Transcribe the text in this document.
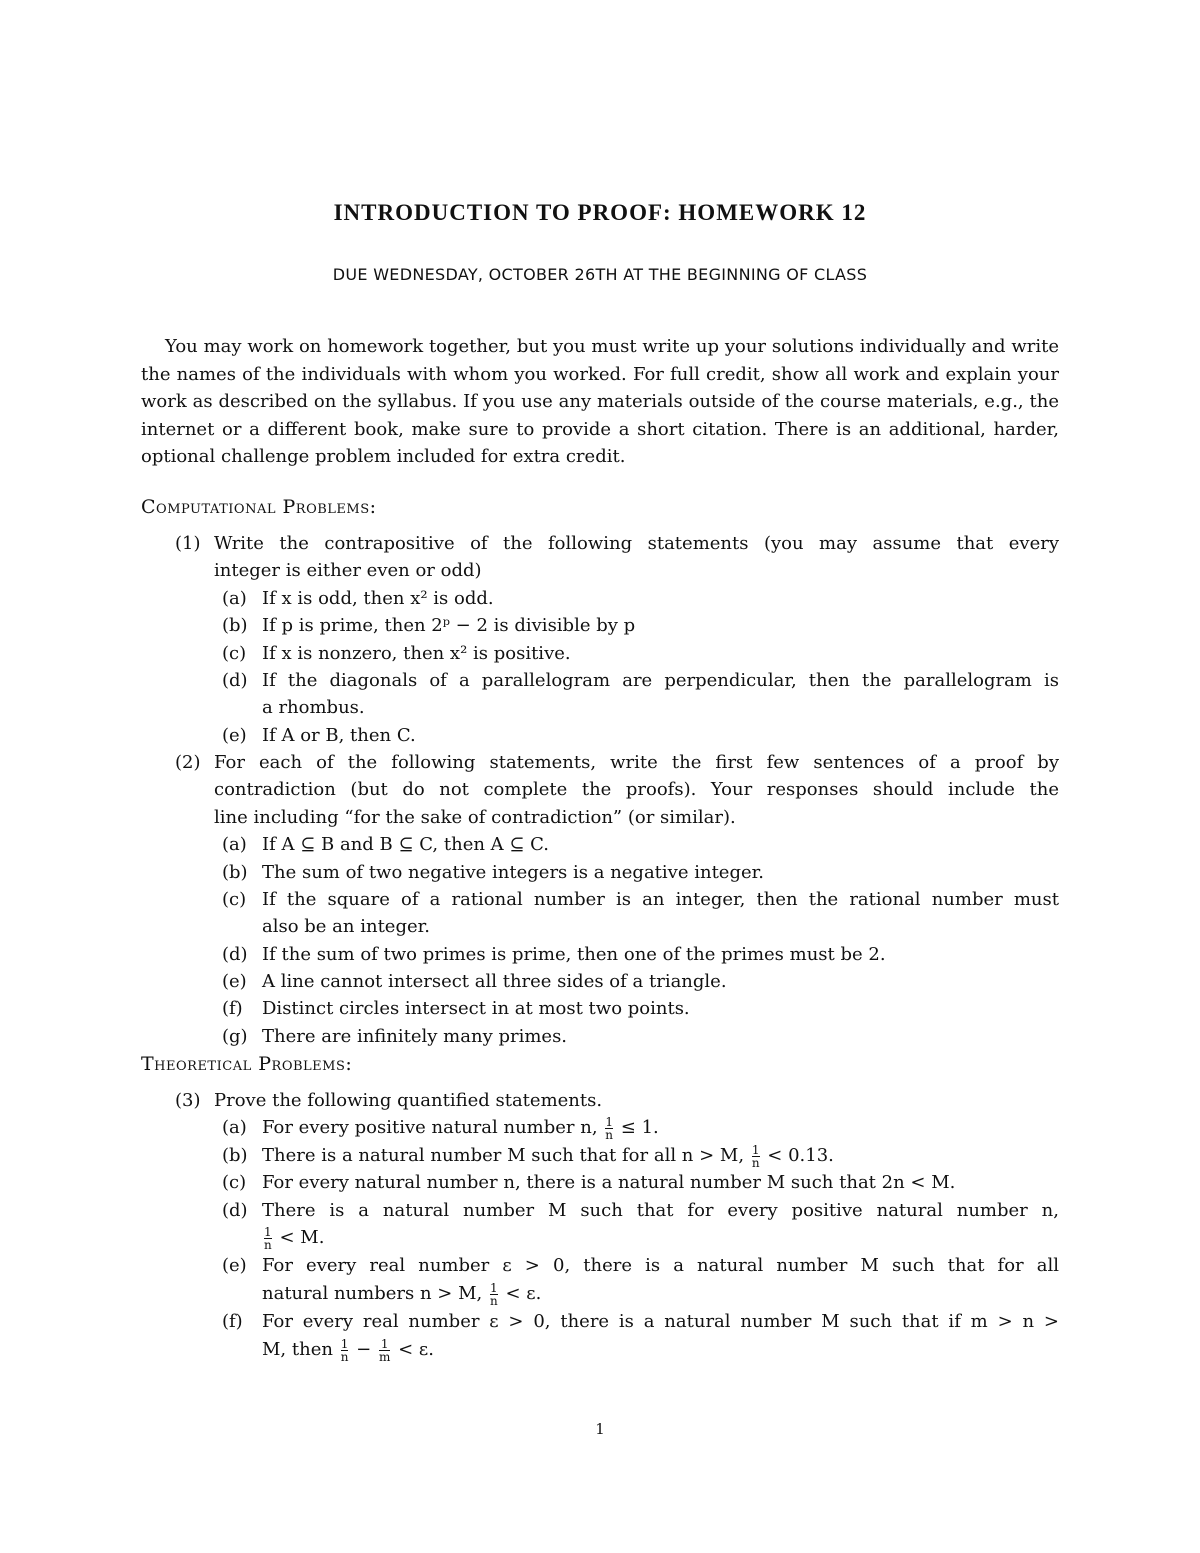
INTRODUCTION TO PROOF: HOMEWORK 12
DUE WEDNESDAY, OCTOBER 26TH AT THE BEGINNING OF CLASS
You may work on homework together, but you must write up your solutions individually and write the names of the individuals with whom you worked. For full credit, show all work and explain your work as described on the syllabus. If you use any materials outside of the course materials, e.g., the internet or a different book, make sure to provide a short citation. There is an additional, harder, optional challenge problem included for extra credit.
Computational Problems:
(1) Write the contrapositive of the following statements (you may assume that every
integer is either even or odd)
(a) If x is odd, then x² is odd.
(b) If p is prime, then 2ᵖ − 2 is divisible by p
(c) If x is nonzero, then x² is positive.
(d) If the diagonals of a parallelogram are perpendicular, then the parallelogram is
a rhombus.
(e) If A or B, then C.
(2) For each of the following statements, write the first few sentences of a proof by
contradiction (but do not complete the proofs). Your responses should include the
line including “for the sake of contradiction” (or similar).
(a) If A ⊆ B and B ⊆ C, then A ⊆ C.
(b) The sum of two negative integers is a negative integer.
(c) If the square of a rational number is an integer, then the rational number must
also be an integer.
(d) If the sum of two primes is prime, then one of the primes must be 2.
(e) A line cannot intersect all three sides of a triangle.
(f) Distinct circles intersect in at most two points.
(g) There are infinitely many primes.
Theoretical Problems:
(3) Prove the following quantified statements.
(a) For every positive natural number n, $\frac{1}{n} \le 1$.
(b) There is a natural number M such that for all n > M, $\frac{1}{n} < 0.13$.
(c) For every natural number n, there is a natural number M such that 2n < M.
(d) There is a natural number M such that for every positive natural number n,
$\frac{1}{n} < M$.
(e) For every real number ε > 0, there is a natural number M such that for all
natural numbers n > M, $\frac{1}{n} < \varepsilon$.
(f) For every real number ε > 0, there is a natural number M such that if m > n >
M, then $\frac{1}{n} - \frac{1}{m} < \varepsilon$.
1
